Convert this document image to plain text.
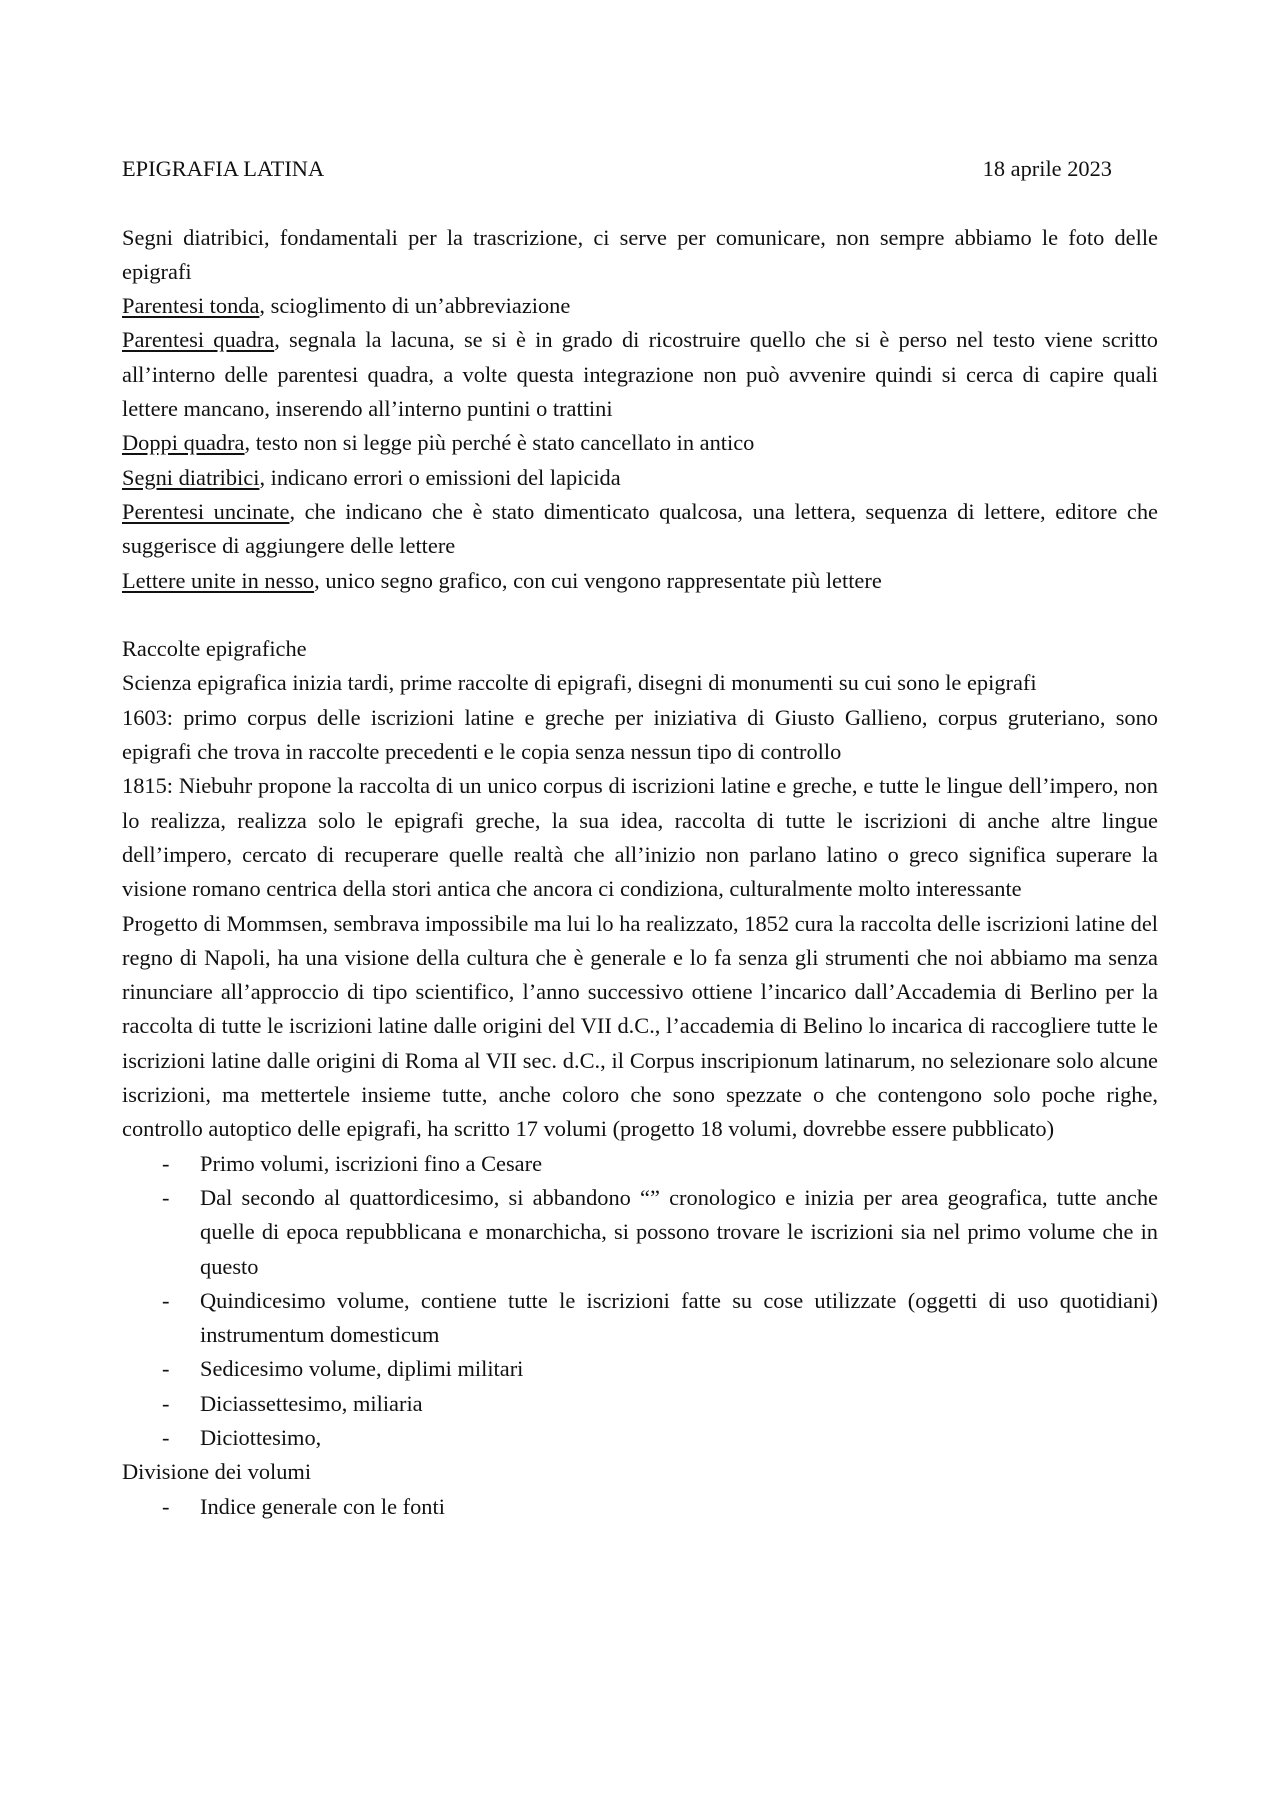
EPIGRAFIA LATINA	18 aprile 2023

Segni diatribici, fondamentali per la trascrizione, ci serve per comunicare, non sempre abbiamo le foto delle epigrafi

Parentesi tonda, scioglimento di un’abbreviazione

Parentesi quadra, segnala la lacuna, se si è in grado di ricostruire quello che si è perso nel testo viene scritto all’interno delle parentesi quadra, a volte questa integrazione non può avvenire quindi si cerca di capire quali lettere mancano, inserendo all’interno puntini o trattini

Doppi quadra, testo non si legge più perché è stato cancellato in antico

Segni diatribici, indicano errori o emissioni del lapicida

Perentesi uncinate, che indicano che è stato dimenticato qualcosa, una lettera, sequenza di lettere, editore che suggerisce di aggiungere delle lettere

Lettere unite in nesso, unico segno grafico, con cui vengono rappresentate più lettere

Raccolte epigrafiche

Scienza epigrafica inizia tardi, prime raccolte di epigrafi, disegni di monumenti su cui sono le epigrafi

1603: primo corpus delle iscrizioni latine e greche per iniziativa di Giusto Gallieno, corpus gruteriano, sono epigrafi che trova in raccolte precedenti e le copia senza nessun tipo di controllo

1815: Niebuhr propone la raccolta di un unico corpus di iscrizioni latine e greche, e tutte le lingue dell’impero, non lo realizza, realizza solo le epigrafi greche, la sua idea, raccolta di tutte le iscrizioni di anche altre lingue dell’impero, cercato di recuperare quelle realtà che all’inizio non parlano latino o greco significa superare la visione romano centrica della stori antica che ancora ci condiziona, culturalmente molto interessante

Progetto di Mommsen, sembrava impossibile ma lui lo ha realizzato, 1852 cura la raccolta delle iscrizioni latine del regno di Napoli, ha una visione della cultura che è generale e lo fa senza gli strumenti che noi abbiamo ma senza rinunciare all’approccio di tipo scientifico, l’anno successivo ottiene l’incarico dall’Accademia di Berlino per la raccolta di tutte le iscrizioni latine dalle origini del VII d.C., l’accademia di Belino lo incarica di raccogliere tutte le iscrizioni latine dalle origini di Roma al VII sec. d.C., il Corpus inscripionum latinarum, no selezionare solo alcune iscrizioni, ma mettertele insieme tutte, anche coloro che sono spezzate o che contengono solo poche righe, controllo autoptico delle epigrafi, ha scritto 17 volumi (progetto 18 volumi, dovrebbe essere pubblicato)

- Primo volumi, iscrizioni fino a Cesare
- Dal secondo al quattordicesimo, si abbandono “” cronologico e inizia per area geografica, tutte anche quelle di epoca repubblicana e monarchicha, si possono trovare le iscrizioni sia nel primo volume che in questo
- Quindicesimo volume, contiene tutte le iscrizioni fatte su cose utilizzate (oggetti di uso quotidiani) instrumentum domesticum
- Sedicesimo volume, diplimi militari
- Diciassettesimo, miliaria
- Diciottesimo,

Divisione dei volumi

- Indice generale con le fonti
